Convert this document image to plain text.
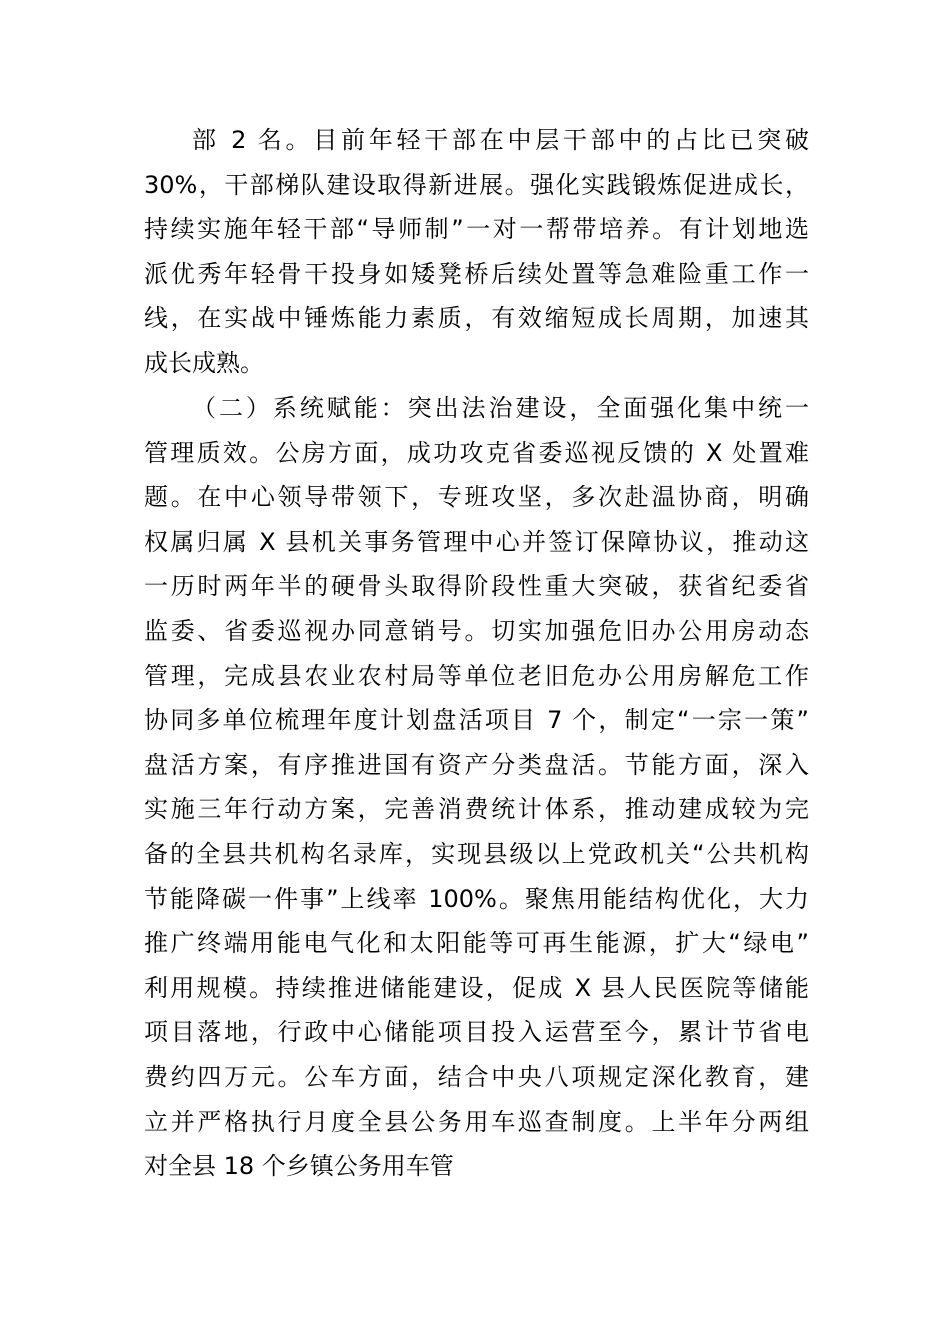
部 2 名。目前年轻干部在中层干部中的占比已突破
30%，干部梯队建设取得新进展。强化实践锻炼促进成长，
持续实施年轻干部“导师制”一对一帮带培养。有计划地选
派优秀年轻骨干投身如矮凳桥后续处置等急难险重工作一
线，在实战中锤炼能力素质，有效缩短成长周期，加速其
成长成熟。
（二）系统赋能：突出法治建设，全面强化集中统一
管理质效。公房方面，成功攻克省委巡视反馈的 X 处置难
题。在中心领导带领下，专班攻坚，多次赴温协商，明确
权属归属 X 县机关事务管理中心并签订保障协议，推动这
一历时两年半的硬骨头取得阶段性重大突破，获省纪委省
监委、省委巡视办同意销号。切实加强危旧办公用房动态
管理，完成县农业农村局等单位老旧危办公用房解危工作
协同多单位梳理年度计划盘活项目 7 个，制定“一宗一策”
盘活方案，有序推进国有资产分类盘活。节能方面，深入
实施三年行动方案，完善消费统计体系，推动建成较为完
备的全县共机构名录库，实现县级以上党政机关“公共机构
节能降碳一件事”上线率 100%。聚焦用能结构优化，大力
推广终端用能电气化和太阳能等可再生能源，扩大“绿电”
利用规模。持续推进储能建设，促成 X 县人民医院等储能
项目落地，行政中心储能项目投入运营至今，累计节省电
费约四万元。公车方面，结合中央八项规定深化教育，建
立并严格执行月度全县公务用车巡查制度。上半年分两组
对全县 18 个乡镇公务用车管
